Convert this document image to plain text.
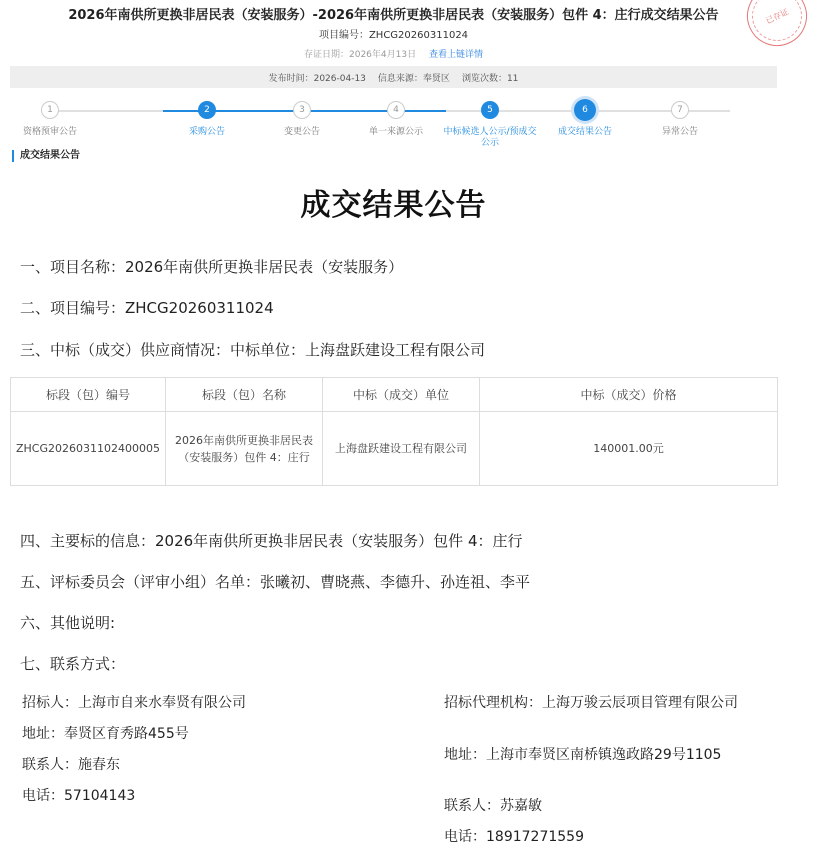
2026年南供所更换非居民表（安装服务）-2026年南供所更换非居民表（安装服务）包件 4：庄行成交结果公告
项目编号：ZHCG20260311024
存证日期：2026年4月13日 查看上链详情
已存证
发布时间：2026-04-13 信息来源：奉贤区 浏览次数：11
1
资格预审公告
2
采购公告
3
变更公告
4
单一来源公示
5
中标候选人公示/预成交公示
6
成交结果公告
7
异常公告
成交结果公告
成交结果公告
一、项目名称：2026年南供所更换非居民表（安装服务）
二、项目编号：ZHCG20260311024
三、中标（成交）供应商情况：中标单位：上海盘跃建设工程有限公司
标段（包）编号	标段（包）名称	中标（成交）单位	中标（成交）价格
ZHCG2026031102400005	2026年南供所更换非居民表（安装服务）包件 4：庄行	上海盘跃建设工程有限公司	140001.00元
四、主要标的信息：2026年南供所更换非居民表（安装服务）包件 4：庄行
五、评标委员会（评审小组）名单：张曦初、曹晓燕、李德升、孙连祖、李平
六、其他说明:
七、联系方式：
招标人：上海市自来水奉贤有限公司
地址：奉贤区育秀路455号
联系人：施春东
电话：57104143
招标代理机构：上海万骏云辰项目管理有限公司
地址：上海市奉贤区南桥镇逸政路29号1105
联系人：苏嘉敏
电话：18917271559
